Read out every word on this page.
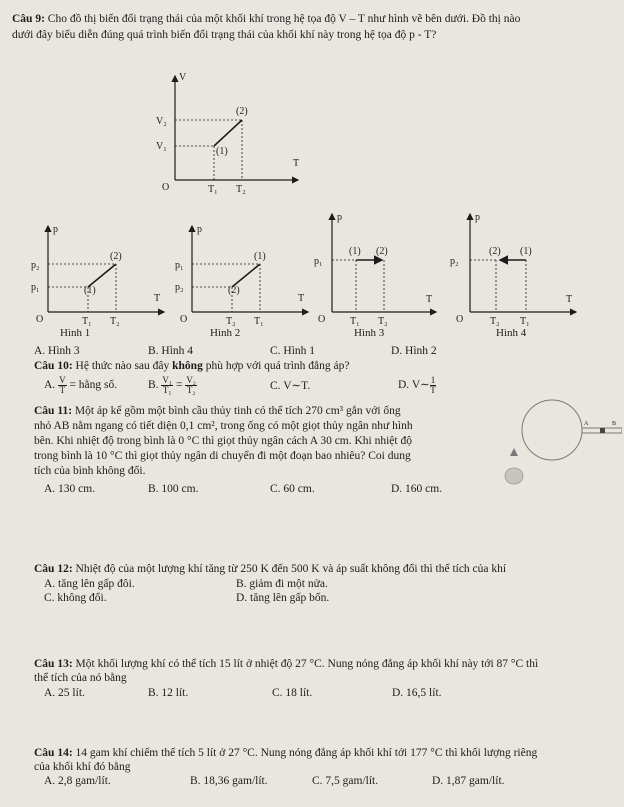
Câu 9: Cho đồ thị biến đổi trạng thái của một khối khí trong hệ tọa độ V – T như hình vẽ bên dưới. Đồ thị nào
dưới đây biểu diễn đúng quá trình biến đổi trạng thái của khối khí này trong hệ tọa độ p - T?
V
T
O
V₂
V₁
T₁ T₂
(2)
(1)
p
T
O
p₂
p₁
T₁ T₂
(2)
(1)
Hình 1
p
T
O
p₁
p₂
T₂ T₁
(1)
(2)
Hình 2
p
T
O
p₁
T₁ T₂
(1) (2)
Hình 3
p
T
O
p₂
T₂ T₁
(2) (1)
Hình 4
A. Hình 3	B. Hình 4	C. Hình 1	D. Hình 2
Câu 10: Hệ thức nào sau đây không phù hợp với quá trình đẳng áp?
A. $\frac{V}{T}$ = hằng số.	B. $\frac{\text{V₁}}{\text{T₁}} = \frac{\text{V₂}}{\text{T₂}}$	C. V∼T.	D. V∼ $\frac{1}{T}$
Câu 11: Một áp kế gồm một bình cầu thủy tinh có thể tích 270 cm³ gắn với ống
nhỏ AB nằm ngang có tiết diện 0,1 cm², trong ống có một giọt thủy ngân như hình
bên. Khi nhiệt độ trong bình là 0 °C thì giọt thủy ngân cách A 30 cm. Khi nhiệt độ
trong bình là 10 °C thì giọt thủy ngân di chuyển đi một đoạn bao nhiêu? Coi dung
tích của bình không đổi.
A. 130 cm.	B. 100 cm.	C. 60 cm.	D. 160 cm.
A	B
Câu 12: Nhiệt độ của một lượng khí tăng từ 250 K đến 500 K và áp suất không đổi thì thể tích của khí
A. tăng lên gấp đôi.	B. giảm đi một nửa.
C. không đổi.	D. tăng lên gấp bốn.
Câu 13: Một khối lượng khí có thể tích 15 lít ở nhiệt độ 27 °C. Nung nóng đẳng áp khối khí này tới 87 °C thì
thể tích của nó bằng
A. 25 lít.	B. 12 lít.	C. 18 lít.	D. 16,5 lít.
Câu 14: 14 gam khí chiếm thể tích 5 lít ở 27 °C. Nung nóng đẳng áp khối khí tới 177 °C thì khối lượng riêng
của khối khí đó bằng
A. 2,8 gam/lít.	B. 18,36 gam/lít.	C. 7,5 gam/lít.	D. 1,87 gam/lít.
